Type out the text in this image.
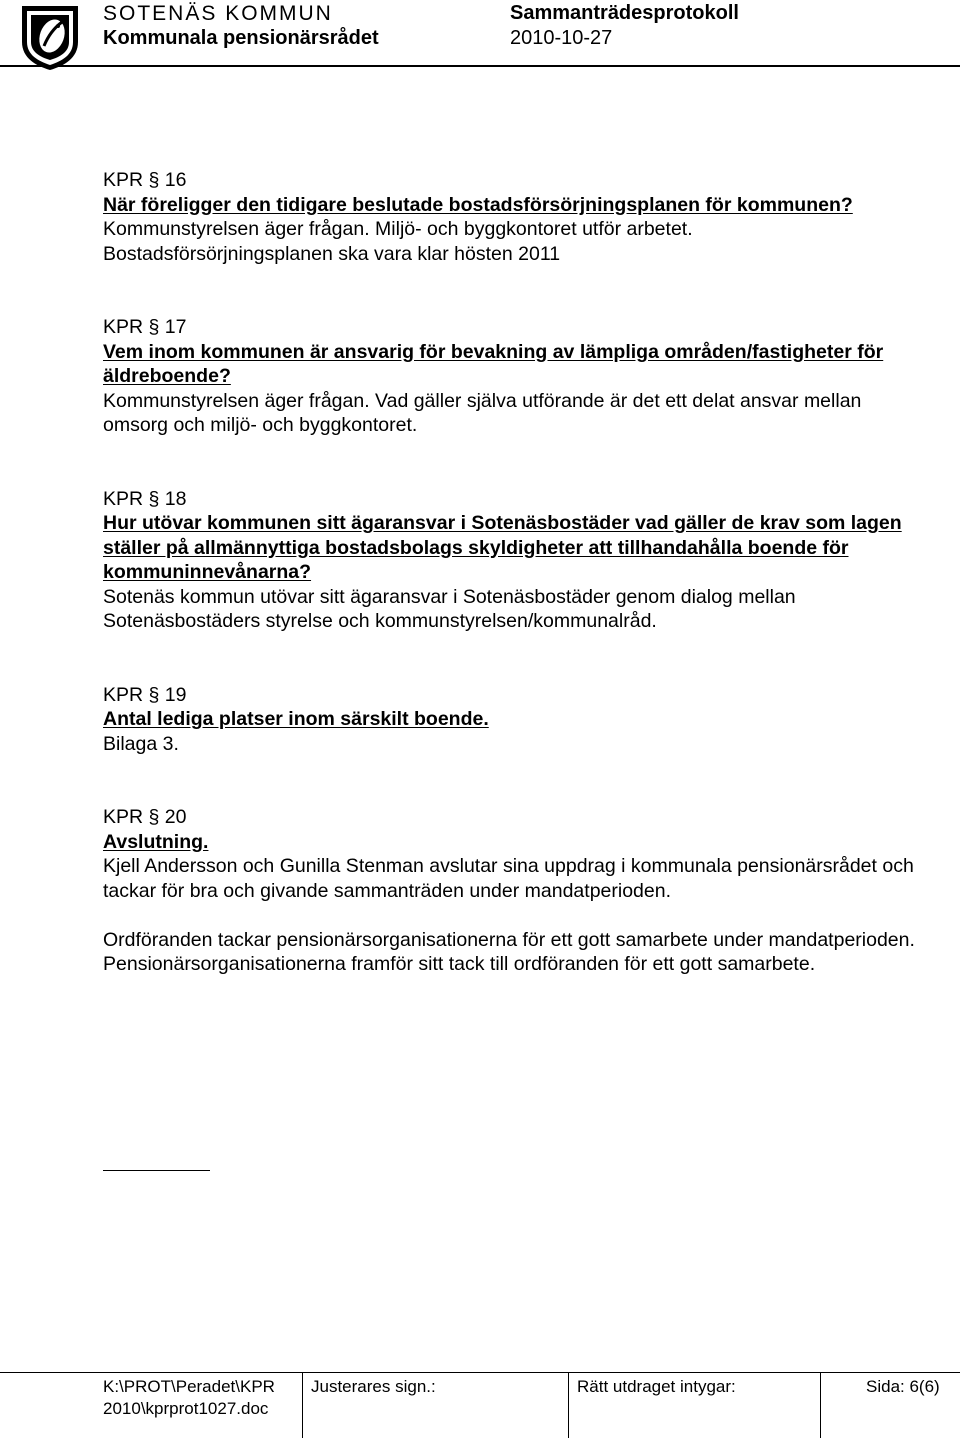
SOTENÄS KOMMUN
Kommunala pensionärsrådet
Sammanträdesprotokoll
2010-10-27

KPR § 16

När föreligger den tidigare beslutade bostadsförsörjningsplanen för kommunen?

Kommunstyrelsen äger frågan. Miljö- och byggkontoret utför arbetet. Bostadsförsörjningsplanen ska vara klar hösten 2011

KPR § 17

Vem inom kommunen är ansvarig för bevakning av lämpliga områden/fastigheter för äldreboende?

Kommunstyrelsen äger frågan. Vad gäller själva utförande är det ett delat ansvar mellan omsorg och miljö- och byggkontoret.

KPR § 18

Hur utövar kommunen sitt ägaransvar i Sotenäsbostäder vad gäller de krav som lagen ställer på allmännyttiga bostadsbolags skyldigheter att tillhandahålla boende för kommuninnevånarna?

Sotenäs kommun utövar sitt ägaransvar i Sotenäsbostäder genom dialog mellan Sotenäsbostäders styrelse och kommunstyrelsen/kommunalråd.

KPR § 19

Antal lediga platser inom särskilt boende.

Bilaga 3.

KPR § 20

Avslutning.

Kjell Andersson och Gunilla Stenman avslutar sina uppdrag i kommunala pensionärsrådet och tackar för bra och givande sammanträden under mandatperioden.

Ordföranden tackar pensionärsorganisationerna för ett gott samarbete under mandatperioden. Pensionärsorganisationerna framför sitt tack till ordföranden för ett gott samarbete.

K:\PROT\Peradet\KPR
2010\kprprot1027.doc
Justerares sign.:	Rätt utdraget intygar:	Sida: 6(6)
